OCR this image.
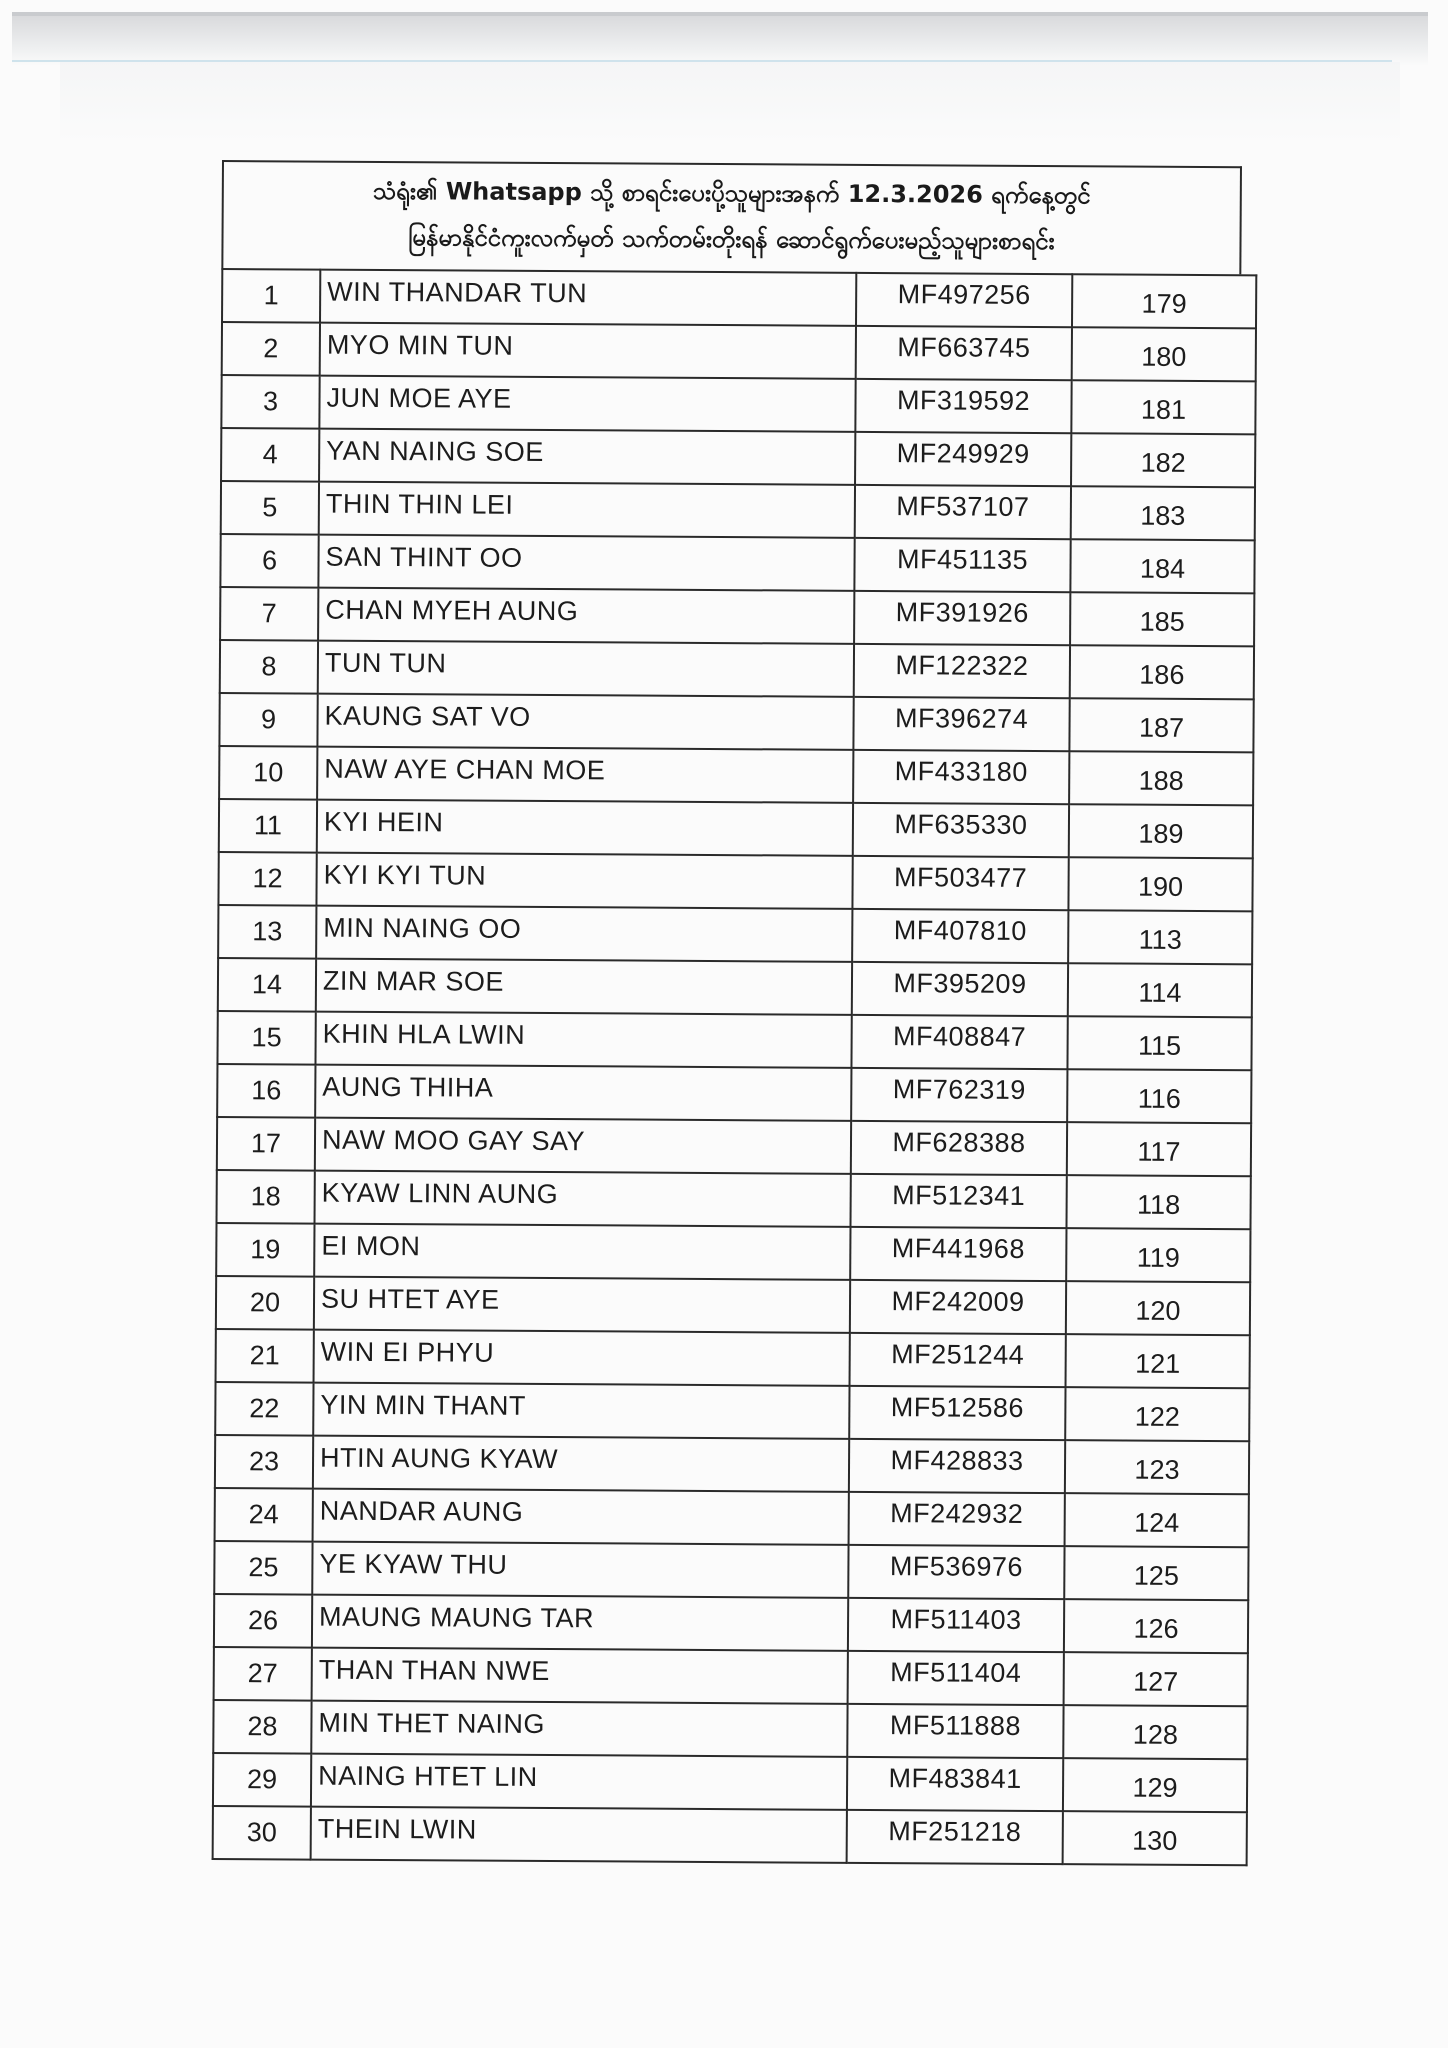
သံရုံး၏ Whatsapp သို့ စာရင်းပေးပို့သူများအနက် 12.3.2026 ရက်နေ့တွင်
မြန်မာနိုင်ငံကူးလက်မှတ် သက်တမ်းတိုးရန် ဆောင်ရွက်ပေးမည့်သူများစာရင်း
1	WIN THANDAR TUN	MF497256	179
2	MYO MIN TUN	MF663745	180
3	JUN MOE AYE	MF319592	181
4	YAN NAING SOE	MF249929	182
5	THIN THIN LEI	MF537107	183
6	SAN THINT OO	MF451135	184
7	CHAN MYEH AUNG	MF391926	185
8	TUN TUN	MF122322	186
9	KAUNG SAT VO	MF396274	187
10	NAW AYE CHAN MOE	MF433180	188
11	KYI HEIN	MF635330	189
12	KYI KYI TUN	MF503477	190
13	MIN NAING OO	MF407810	113
14	ZIN MAR SOE	MF395209	114
15	KHIN HLA LWIN	MF408847	115
16	AUNG THIHA	MF762319	116
17	NAW MOO GAY SAY	MF628388	117
18	KYAW LINN AUNG	MF512341	118
19	EI MON	MF441968	119
20	SU HTET AYE	MF242009	120
21	WIN EI PHYU	MF251244	121
22	YIN MIN THANT	MF512586	122
23	HTIN AUNG KYAW	MF428833	123
24	NANDAR AUNG	MF242932	124
25	YE KYAW THU	MF536976	125
26	MAUNG MAUNG TAR	MF511403	126
27	THAN THAN NWE	MF511404	127
28	MIN THET NAING	MF511888	128
29	NAING HTET LIN	MF483841	129
30	THEIN LWIN	MF251218	130
